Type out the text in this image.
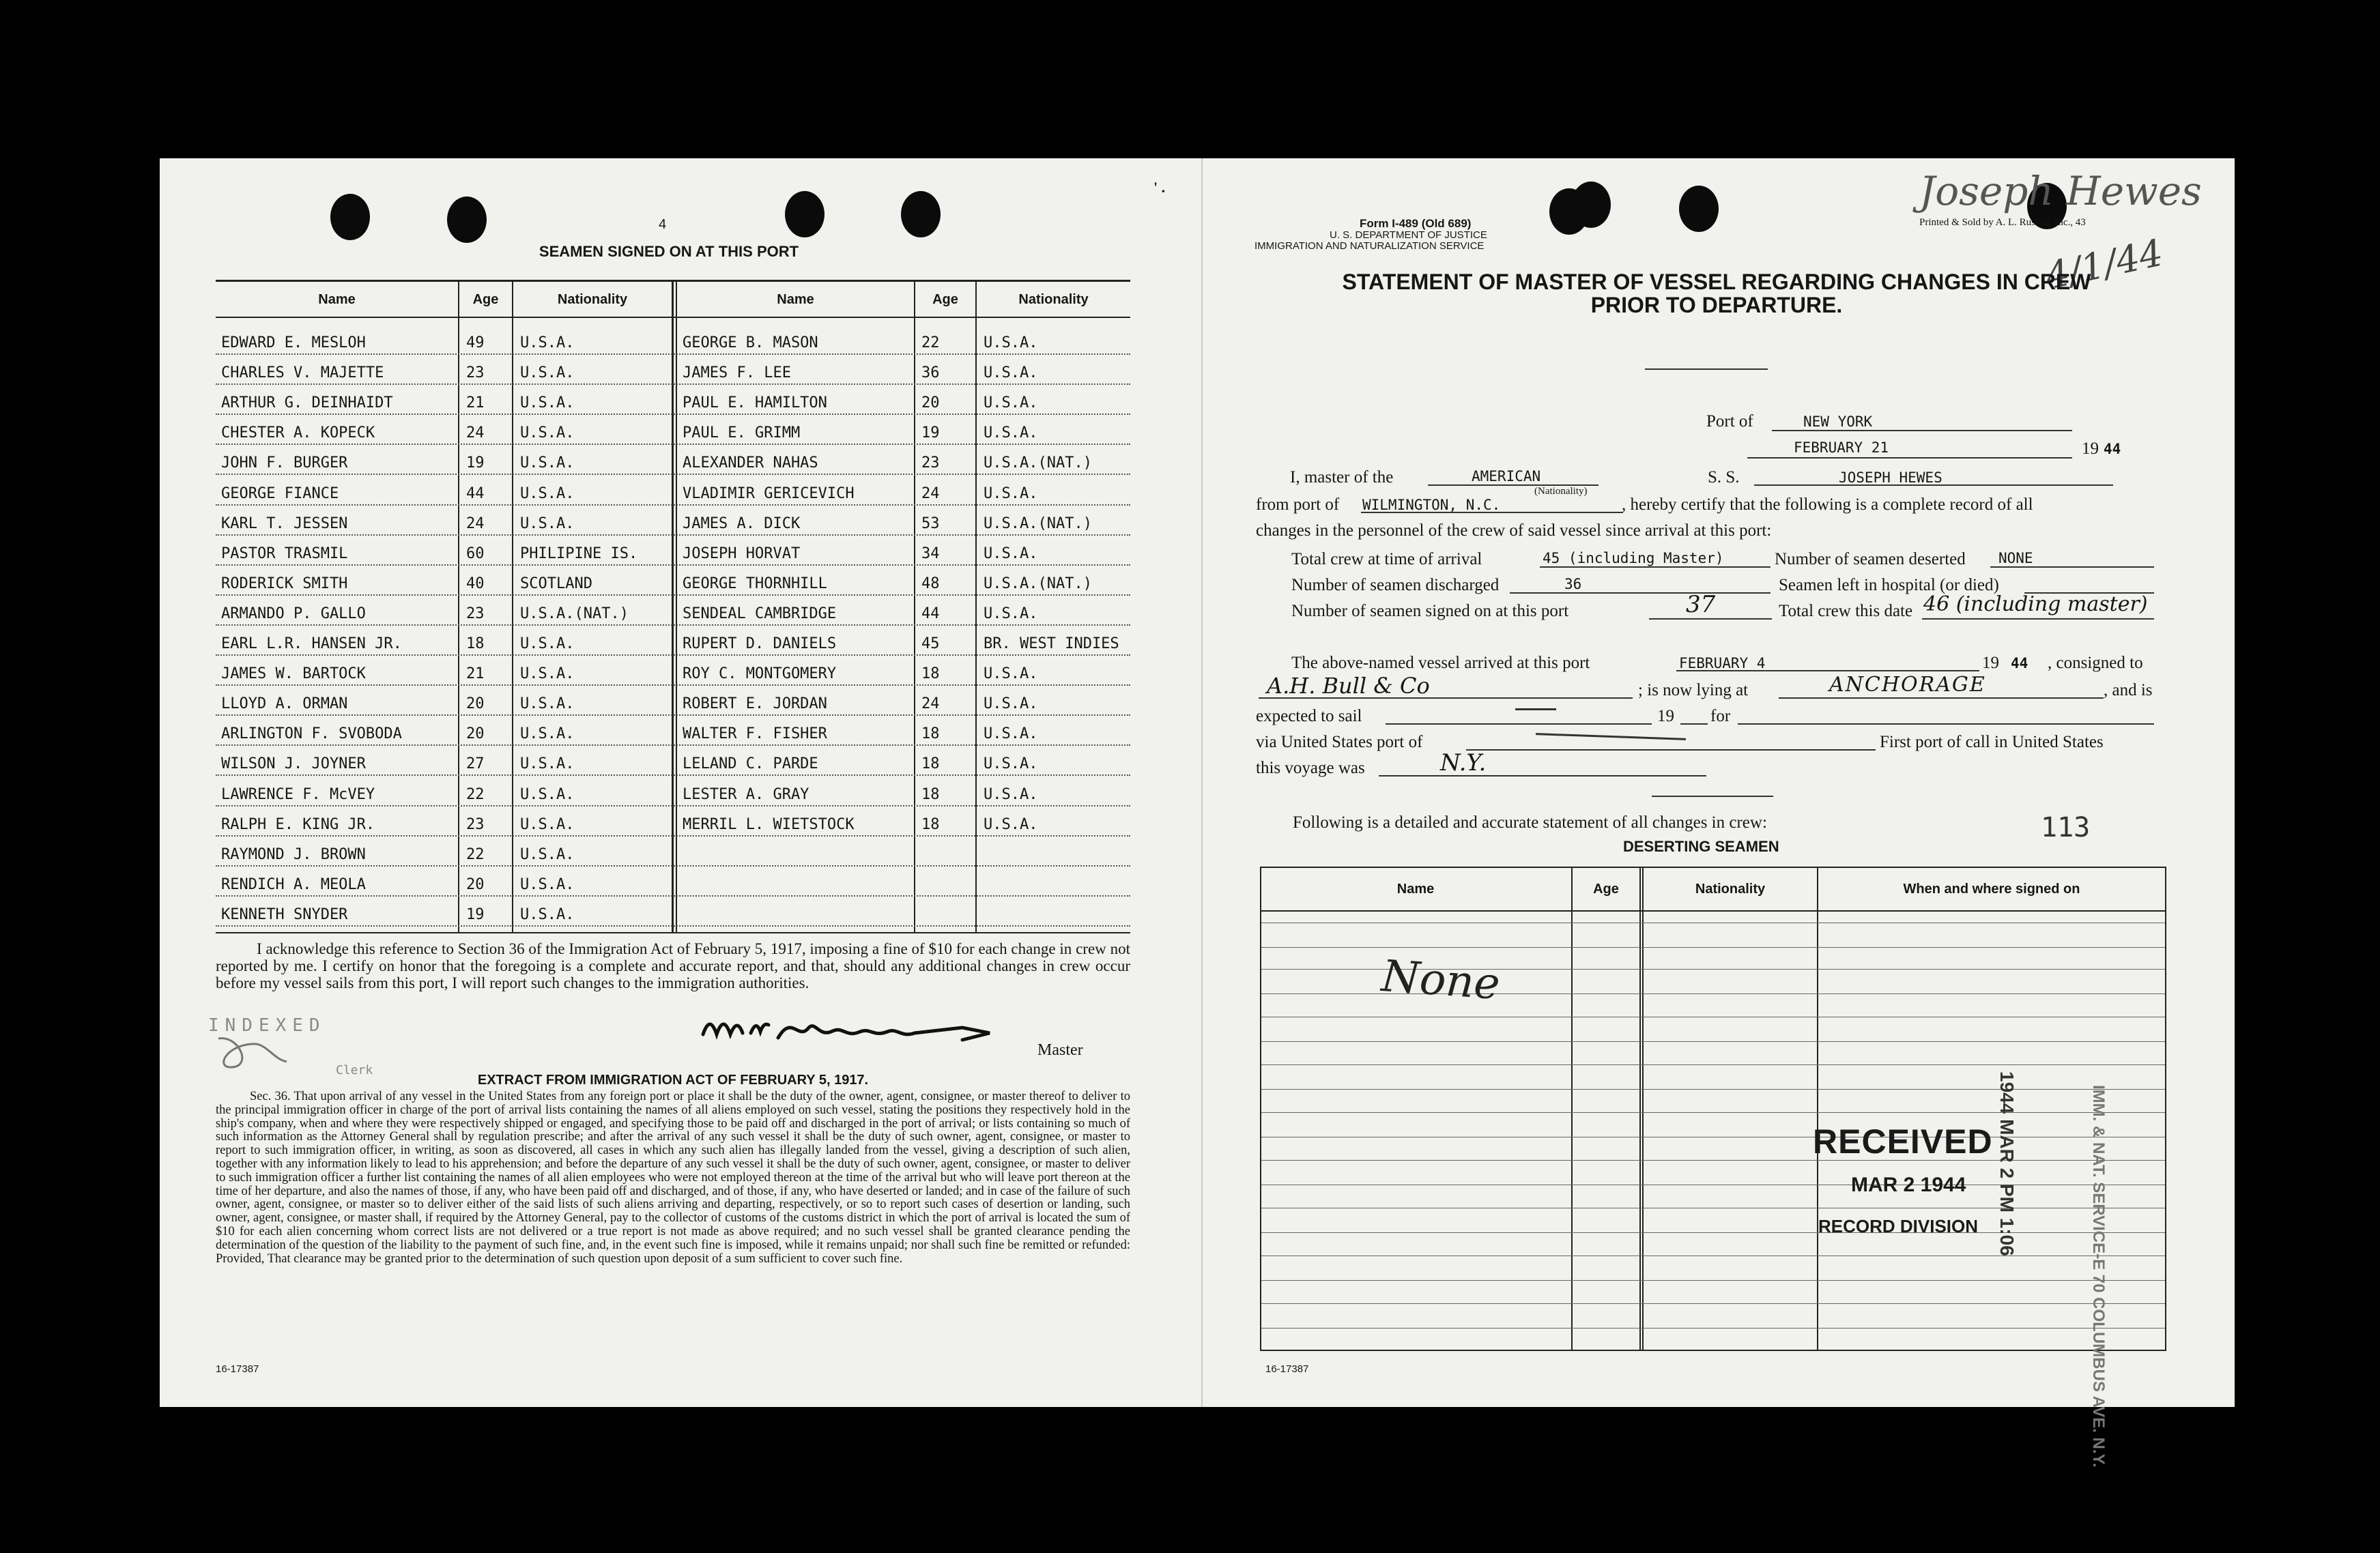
4
SEAMEN SIGNED ON AT THIS PORT
Name	Age	Nationality	Name	Age	Nationality
EDWARD E. MESLOH	49 U.S.A.	GEORGE B. MASON	22	U.S.A.
CHARLES V. MAJETTE	23 U.S.A.	JAMES F. LEE	36	U.S.A.
ARTHUR G. DEINHAIDT	21 U.S.A.	PAUL E. HAMILTON	20	U.S.A.
CHESTER A. KOPECK	24 U.S.A.	PAUL E. GRIMM	19	U.S.A.
JOHN F. BURGER	19 U.S.A.	ALEXANDER NAHAS	23	U.S.A.(NAT.)
GEORGE FIANCE	44 U.S.A.	VLADIMIR GERICEVICH	24	U.S.A.
KARL T. JESSEN	24 U.S.A.	JAMES A. DICK	53	U.S.A.(NAT.)
PASTOR TRASMIL	60 PHILIPINE IS.	JOSEPH HORVAT	34	U.S.A.
RODERICK SMITH	40 SCOTLAND	GEORGE THORNHILL	48	U.S.A.(NAT.)
ARMANDO P. GALLO	23 U.S.A.(NAT.)	SENDEAL CAMBRIDGE	44	U.S.A.
EARL L.R. HANSEN JR.	18 U.S.A.	RUPERT D. DANIELS	45	BR. WEST INDIES
JAMES W. BARTOCK	21 U.S.A.	ROY C. MONTGOMERY	18	U.S.A.
LLOYD A. ORMAN	20 U.S.A.	ROBERT E. JORDAN	24	U.S.A.
ARLINGTON F. SVOBODA	20 U.S.A.	WALTER F. FISHER	18	U.S.A.
WILSON J. JOYNER	27 U.S.A.	LELAND C. PARDE	18	U.S.A.
LAWRENCE F. McVEY	22 U.S.A.	LESTER A. GRAY	18	U.S.A.
RALPH E. KING JR.	23 U.S.A.	MERRIL L. WIETSTOCK	18	U.S.A.
RAYMOND J. BROWN	22 U.S.A.
RENDICH A. MEOLA	20 U.S.A.
KENNETH SNYDER	19 U.S.A.
I acknowledge this reference to Section 36 of the Immigration Act of February 5, 1917, imposing a fine of $10 for each change in crew not reported by me. I certify on honor that the foregoing is a complete and accurate report, and that, should any additional changes in crew occur before my vessel sails from this port, I will report such changes to the immigration authorities.
INDEXED
Clerk
Master
EXTRACT FROM IMMIGRATION ACT OF FEBRUARY 5, 1917.
Sec. 36. That upon arrival of any vessel in the United States from any foreign port or place it shall be the duty of the owner, agent, consignee, or master thereof to deliver to the principal immigration officer in charge of the port of arrival lists containing the names of all aliens employed on such vessel, stating the positions they respectively hold in the ship's company, when and where they were respectively shipped or engaged, and specifying those to be paid off and discharged in the port of arrival; or lists containing so much of such information as the Attorney General shall by regulation prescribe; and after the arrival of any such vessel it shall be the duty of such owner, agent, consignee, or master to report to such immigration officer, in writing, as soon as discovered, all cases in which any such alien has illegally landed from the vessel, giving a description of such alien, together with any information likely to lead to his apprehension; and before the departure of any such vessel it shall be the duty of such owner, agent, consignee, or master to deliver to such immigration officer a further list containing the names of all alien employees who were not employed thereon at the time of the arrival but who will leave port thereon at the time of her departure, and also the names of those, if any, who have been paid off and discharged, and of those, if any, who have deserted or landed; and in case of the failure of such owner, agent, consignee, or master so to deliver either of the said lists of such aliens arriving and departing, respectively, or so to report such cases of desertion or landing, such owner, agent, consignee, or master shall, if required by the Attorney General, pay to the collector of customs of the customs district in which the port of arrival is located the sum of $10 for each alien concerning whom correct lists are not delivered or a true report is not made as above required; and no such vessel shall be granted clearance pending the determination of the question of the liability to the payment of such fine, and, in the event such fine is imposed, while it remains unpaid; nor shall such fine be remitted or refunded: Provided, That clearance may be granted prior to the determination of such question upon deposit of a sum sufficient to cover such fine.
16-17387
' .
Form I-489 (Old 689)
U. S. DEPARTMENT OF JUSTICE
IMMIGRATION AND NATURALIZATION SERVICE
Printed & Sold by A. L. Russell, Inc., 43
Joseph Hewes
4/1/44
STATEMENT OF MASTER OF VESSEL REGARDING CHANGES IN CREW
PRIOR TO DEPARTURE.
Port of	NEW YORK
FEBRUARY 21	19 44
I, master of the	AMERICAN
(Nationality)
S. S.	JOSEPH HEWES
from port of WILMINGTON, N.C.	, hereby certify that the following is a complete record of all
changes in the personnel of the crew of said vessel since arrival at this port:
Total crew at time of arrival	45 (including Master)	Number of seamen deserted NONE
Number of seamen discharged	36	Seamen left in hospital (or died)
Number of seamen signed on at this port	37	Total crew this date 46 (including master)
The above-named vessel arrived at this port	FEBRUARY 4	19 44 , consigned to
A.H. Bull & Co	; is now lying at	ANCHORAGE	, and is
expected to sail	19 for
via United States port of	First port of call in United States
this voyage was	N.Y.
Following is a detailed and accurate statement of all changes in crew:	113
DESERTING SEAMEN
Name	Age	Nationality	When and where signed on
None
RECEIVED
MAR 2 1944
RECORD DIVISION 1944 MAR 2 PM 1:06	IMM. & NAT. SERVICE-E 70 COLUMBUS AVE. N.Y.
16-17387
